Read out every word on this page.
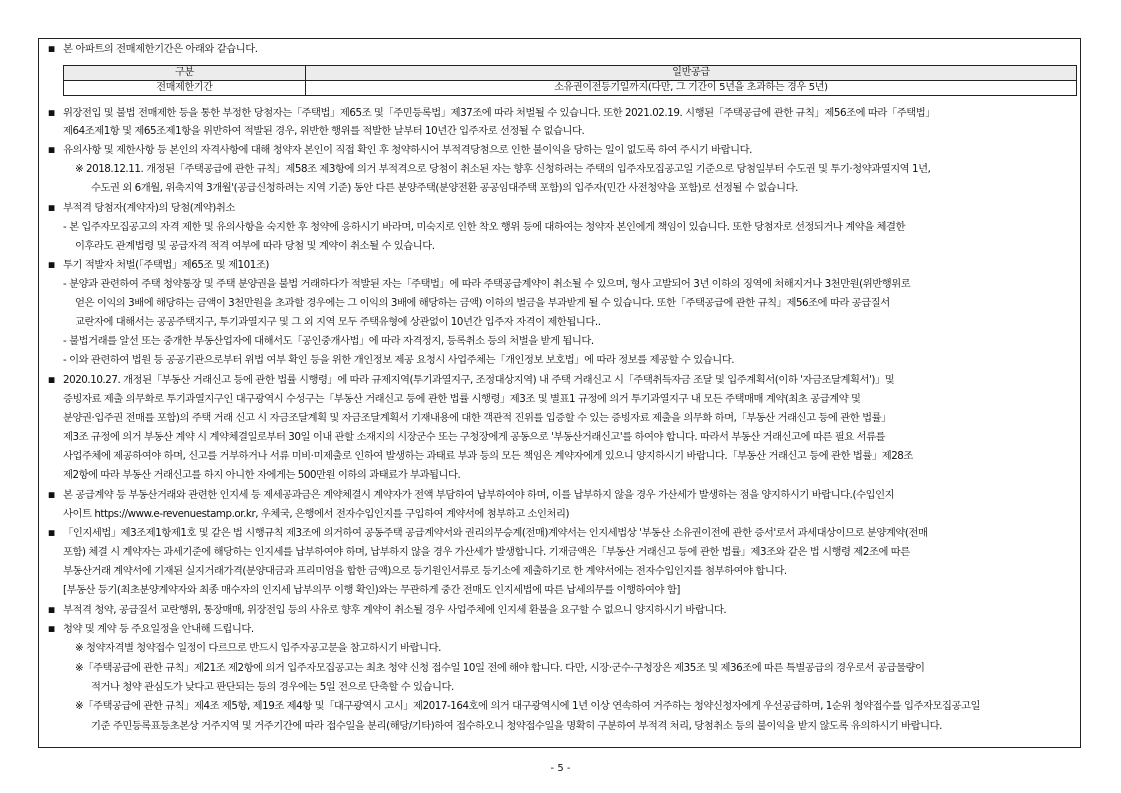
■ 본 아파트의 전매제한기간은 아래와 같습니다.
구분	일반공급
전매제한기간	소유권이전등기일까지(다만, 그 기간이 5년을 초과하는 경우 5년)
■ 위장전입 및 불법 전매제한 등을 통한 부정한 당첨자는「주택법」제65조 및「주민등록법」제37조에 따라 처벌될 수 있습니다. 또한 2021.02.19. 시행된「주택공급에 관한 규칙」제56조에 따라「주택법」
제64조제1항 및 제65조제1항을 위반하여 적발된 경우, 위반한 행위를 적발한 날부터 10년간 입주자로 선정될 수 없습니다.
■ 유의사항 및 제한사항 등 본인의 자격사항에 대해 청약자 본인이 직접 확인 후 청약하시어 부적격당첨으로 인한 불이익을 당하는 일이 없도록 하여 주시기 바랍니다.
※ 2018.12.11. 개정된「주택공급에 관한 규칙」제58조 제3항에 의거 부적격으로 당첨이 취소된 자는 향후 신청하려는 주택의 입주자모집공고일 기준으로 당첨일부터 수도권 및 투기·청약과열지역 1년,
수도권 외 6개월, 위축지역 3개월'(공급신청하려는 지역 기준) 동안 다른 분양주택(분양전환 공공임대주택 포함)의 입주자(민간 사전청약을 포함)로 선정될 수 없습니다.
■ 부적격 당첨자(계약자)의 당첨(계약)취소
- 본 입주자모집공고의 자격 제한 및 유의사항을 숙지한 후 청약에 응하시기 바라며, 미숙지로 인한 착오 행위 등에 대하여는 청약자 본인에게 책임이 있습니다. 또한 당첨자로 선정되거나 계약을 체결한
이후라도 관계법령 및 공급자격 적격 여부에 따라 당첨 및 계약이 취소될 수 있습니다.
■ 투기 적발자 처벌(「주택법」제65조 및 제101조)
- 분양과 관련하여 주택 청약통장 및 주택 분양권을 불법 거래하다가 적발된 자는「주택법」에 따라 주택공급계약이 취소될 수 있으며, 형사 고발되어 3년 이하의 징역에 처해지거나 3천만원(위반행위로
얻은 이익의 3배에 해당하는 금액이 3천만원을 초과할 경우에는 그 이익의 3배에 해당하는 금액) 이하의 벌금을 부과받게 될 수 있습니다. 또한「주택공급에 관한 규칙」제56조에 따라 공급질서
교란자에 대해서는 공공주택지구, 투기과열지구 및 그 외 지역 모두 주택유형에 상관없이 10년간 입주자 자격이 제한됩니다..
- 불법거래를 알선 또는 중개한 부동산업자에 대해서도「공인중개사법」에 따라 자격정지, 등록취소 등의 처벌을 받게 됩니다.
- 이와 관련하여 법원 등 공공기관으로부터 위법 여부 확인 등을 위한 개인정보 제공 요청시 사업주체는「개인정보 보호법」에 따라 정보를 제공할 수 있습니다.
■ 2020.10.27. 개정된「부동산 거래신고 등에 관한 법률 시행령」에 따라 규제지역(투기과열지구, 조정대상지역) 내 주택 거래신고 시「주택취득자금 조달 및 입주계획서(이하 '자금조달계획서')」및
증빙자료 제출 의무화로 투기과열지구인 대구광역시 수성구는「부동산 거래신고 등에 관한 법률 시행령」제3조 및 별표1 규정에 의거 투기과열지구 내 모든 주택매매 계약(최초 공급계약 및
분양권·입주권 전매를 포함)의 주택 거래 신고 시 자금조달계획 및 자금조달계획서 기재내용에 대한 객관적 진위를 입증할 수 있는 증빙자료 제출을 의무화 하며,「부동산 거래신고 등에 관한 법률」
제3조 규정에 의거 부동산 계약 시 계약체결일로부터 30일 이내 관할 소재지의 시장군수 또는 구청장에게 공동으로 '부동산거래신고'를 하여야 합니다. 따라서 부동산 거래신고에 따른 필요 서류를
사업주체에 제공하여야 하며, 신고를 거부하거나 서류 미비·미제출로 인하여 발생하는 과태료 부과 등의 모든 책임은 계약자에게 있으니 양지하시기 바랍니다.「부동산 거래신고 등에 관한 법률」제28조
제2항에 따라 부동산 거래신고를 하지 아니한 자에게는 500만원 이하의 과태료가 부과됩니다.
■ 본 공급계약 등 부동산거래와 관련한 인지세 등 제세공과금은 계약체결시 계약자가 전액 부담하여 납부하여야 하며, 이를 납부하지 않을 경우 가산세가 발생하는 점을 양지하시기 바랍니다.(수입인지
사이트 https://www.e-revenuestamp.or.kr, 우체국, 은행에서 전자수입인지를 구입하여 계약서에 첨부하고 소인처리)
■ 「인지세법」제3조제1항제1호 및 같은 법 시행규칙 제3조에 의거하여 공동주택 공급계약서와 권리의무승계(전매)계약서는 인지세법상 '부동산 소유권이전에 관한 증서'로서 과세대상이므로 분양계약(전매
포함) 체결 시 계약자는 과세기준에 해당하는 인지세를 납부하여야 하며, 납부하지 않을 경우 가산세가 발생합니다. 기재금액은「부동산 거래신고 등에 관한 법률」제3조와 같은 법 시행령 제2조에 따른
부동산거래 계약서에 기재된 실지거래가격(분양대금과 프리미엄을 합한 금액)으로 등기원인서류로 등기소에 제출하기로 한 계약서에는 전자수입인지를 첨부하여야 합니다.
[부동산 등기(최초분양계약자와 최종 매수자의 인지세 납부의무 이행 확인)와는 무관하게 중간 전매도 인지세법에 따른 납세의무를 이행하여야 함]
■ 부적격 청약, 공급질서 교란행위, 통장매매, 위장전입 등의 사유로 향후 계약이 취소될 경우 사업주체에 인지세 환불을 요구할 수 없으니 양지하시기 바랍니다.
■ 청약 및 계약 등 주요일정을 안내해 드립니다.
※ 청약자격별 청약접수 일정이 다르므로 반드시 입주자공고문을 참고하시기 바랍니다.
※「주택공급에 관한 규칙」제21조 제2항에 의거 입주자모집공고는 최초 청약 신청 접수일 10일 전에 해야 합니다. 다만, 시장·군수·구청장은 제35조 및 제36조에 따른 특별공급의 경우로서 공급물량이
적거나 청약 관심도가 낮다고 판단되는 등의 경우에는 5일 전으로 단축할 수 있습니다.
※「주택공급에 관한 규칙」제4조 제5항, 제19조 제4항 및「대구광역시 고시」제2017-164호에 의거 대구광역시에 1년 이상 연속하여 거주하는 청약신청자에게 우선공급하며, 1순위 청약접수를 입주자모집공고일
기준 주민등록표등초본상 거주지역 및 거주기간에 따라 접수일을 분리(해당/기타)하여 접수하오니 청약접수일을 명확히 구분하여 부적격 처리, 당첨취소 등의 불이익을 받지 않도록 유의하시기 바랍니다.
- 5 -
